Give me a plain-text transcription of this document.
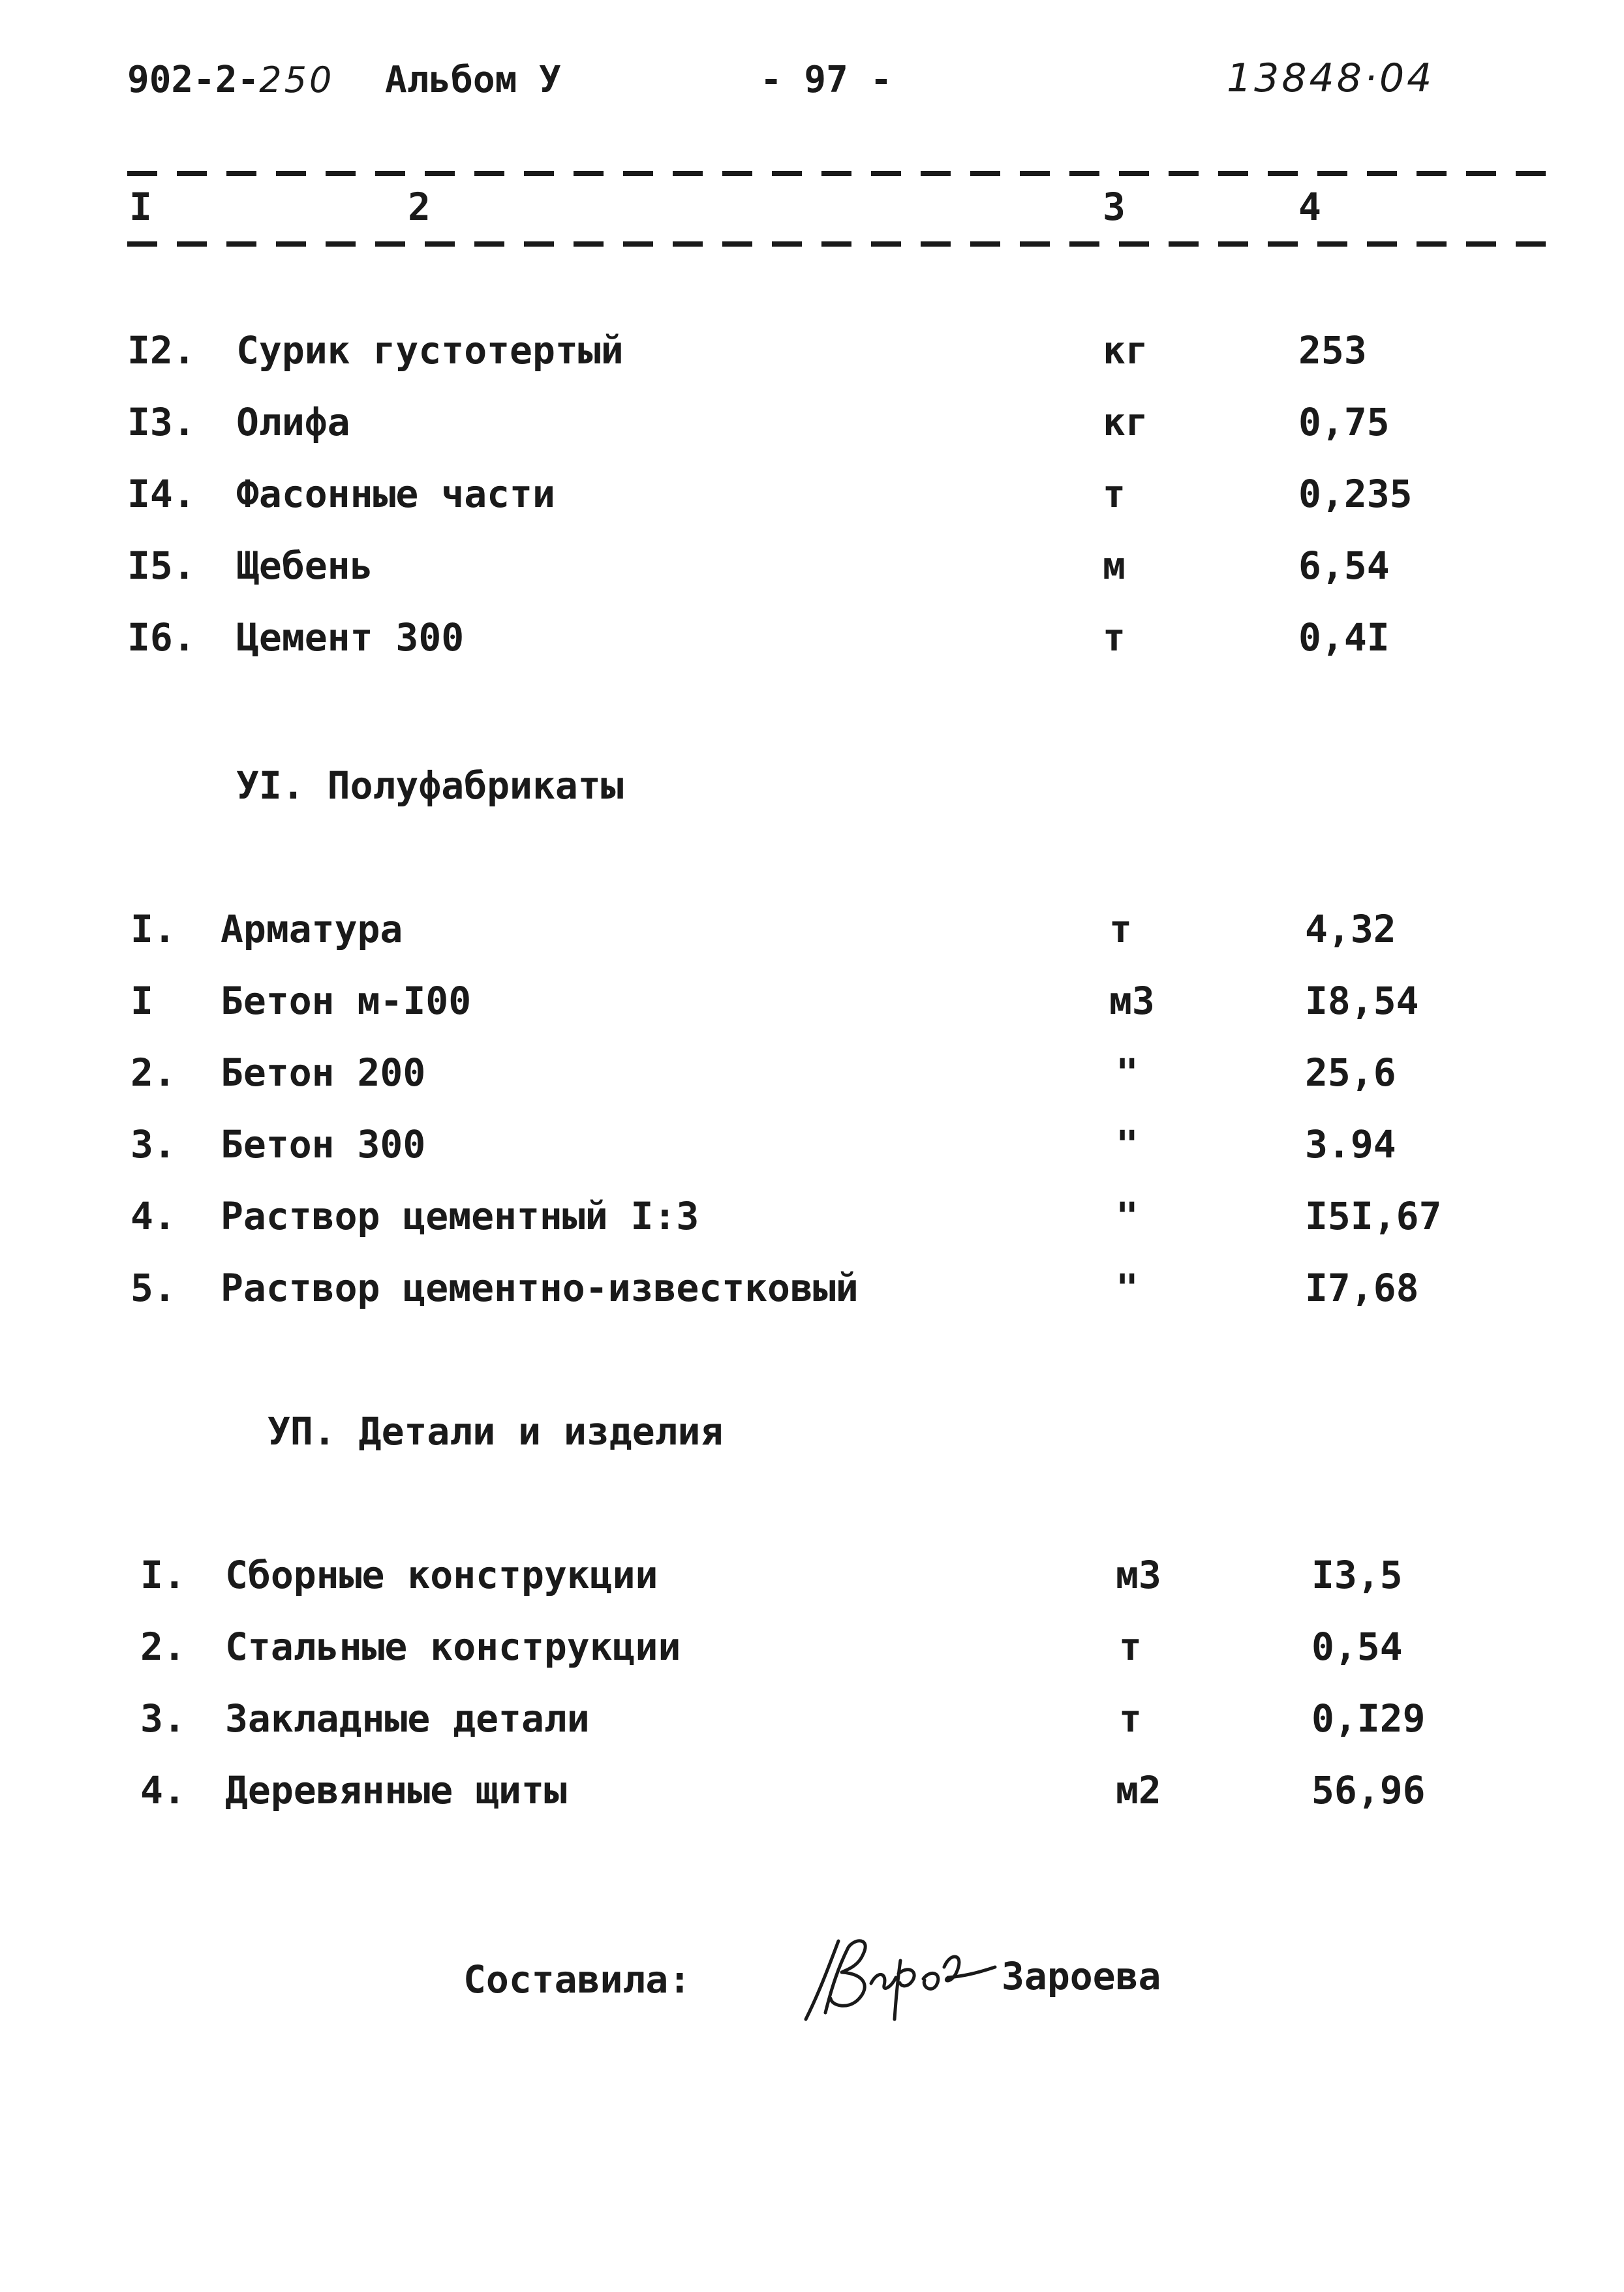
902-2-250 Альбом У	- 97 -	13848·04
I	2	3	4
I2. Сурик густотертый	кг	253
I3. Олифа	кг	0,75
I4. Фасонные части	т	0,235
I5. Щебень	м	6,54
I6. Цемент 300	т	0,4I
УI. Полуфабрикаты
I. Арматура	т	4,32
I Бетон м-I00	м3	I8,54
2. Бетон 200	"	25,6
3. Бетон 300	"	3.94
4. Раствор цементный I:3	"	I5I,67
5. Раствор цементно-известковый	"	I7,68
УП. Детали и изделия
I. Сборные конструкции	м3	I3,5
2. Стальные конструкции	т	0,54
3. Закладные детали	т	0,I29
4. Деревянные щиты	м2	56,96
Составила:	Зароева
